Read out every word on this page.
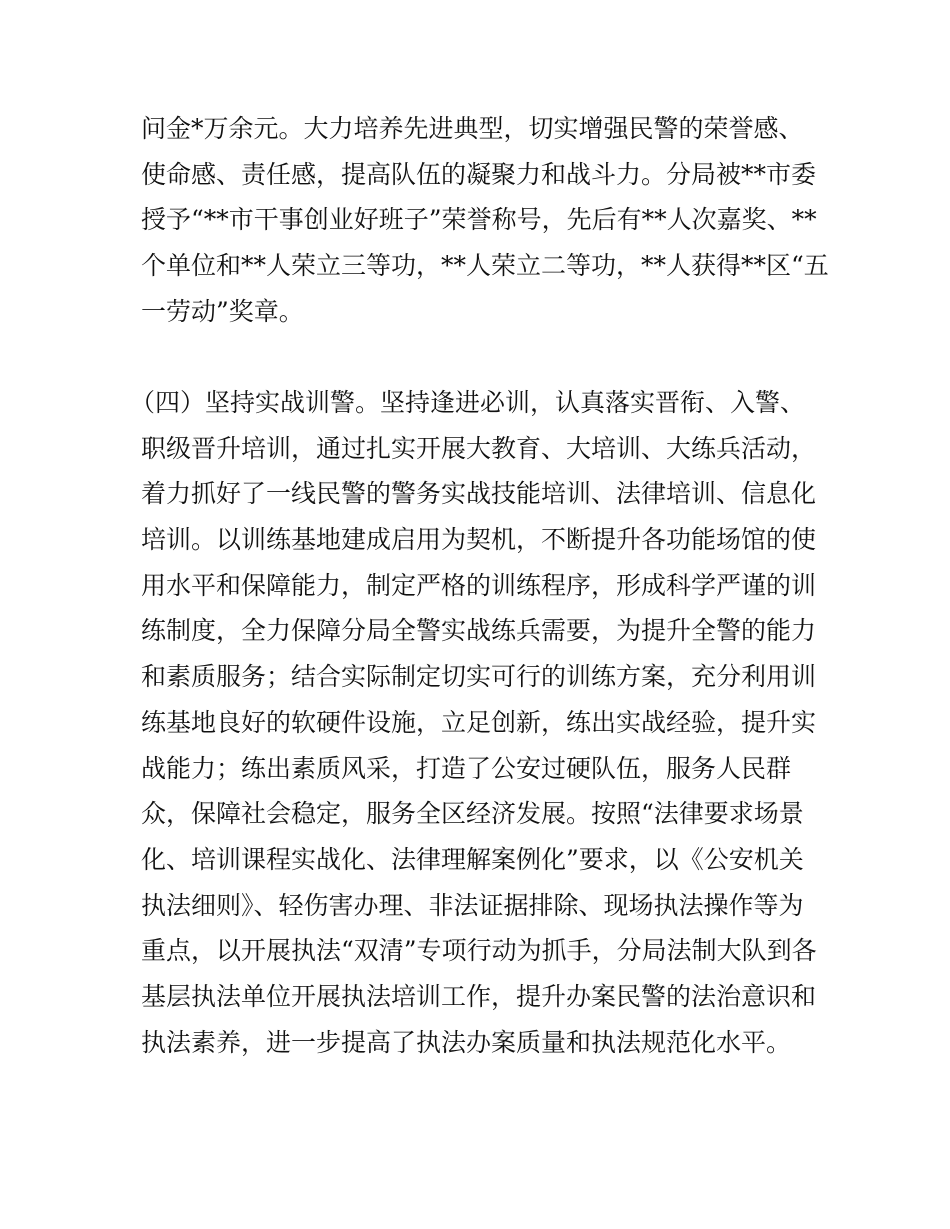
问金*万余元。大力培养先进典型，切实增强民警的荣誉感、
使命感、责任感，提高队伍的凝聚力和战斗力。分局被**市委
授予“**市干事创业好班子”荣誉称号，先后有**人次嘉奖、**
个单位和**人荣立三等功，**人荣立二等功，**人获得**区“五
一劳动”奖章。
（四）坚持实战训警。坚持逢进必训，认真落实晋衔、入警、
职级晋升培训，通过扎实开展大教育、大培训、大练兵活动，
着力抓好了一线民警的警务实战技能培训、法律培训、信息化
培训。以训练基地建成启用为契机，不断提升各功能场馆的使
用水平和保障能力，制定严格的训练程序，形成科学严谨的训
练制度，全力保障分局全警实战练兵需要，为提升全警的能力
和素质服务；结合实际制定切实可行的训练方案，充分利用训
练基地良好的软硬件设施，立足创新，练出实战经验，提升实
战能力；练出素质风采，打造了公安过硬队伍，服务人民群
众，保障社会稳定，服务全区经济发展。按照“法律要求场景
化、培训课程实战化、法律理解案例化”要求，以《公安机关
执法细则》、轻伤害办理、非法证据排除、现场执法操作等为
重点，以开展执法“双清”专项行动为抓手，分局法制大队到各
基层执法单位开展执法培训工作，提升办案民警的法治意识和
执法素养，进一步提高了执法办案质量和执法规范化水平。
